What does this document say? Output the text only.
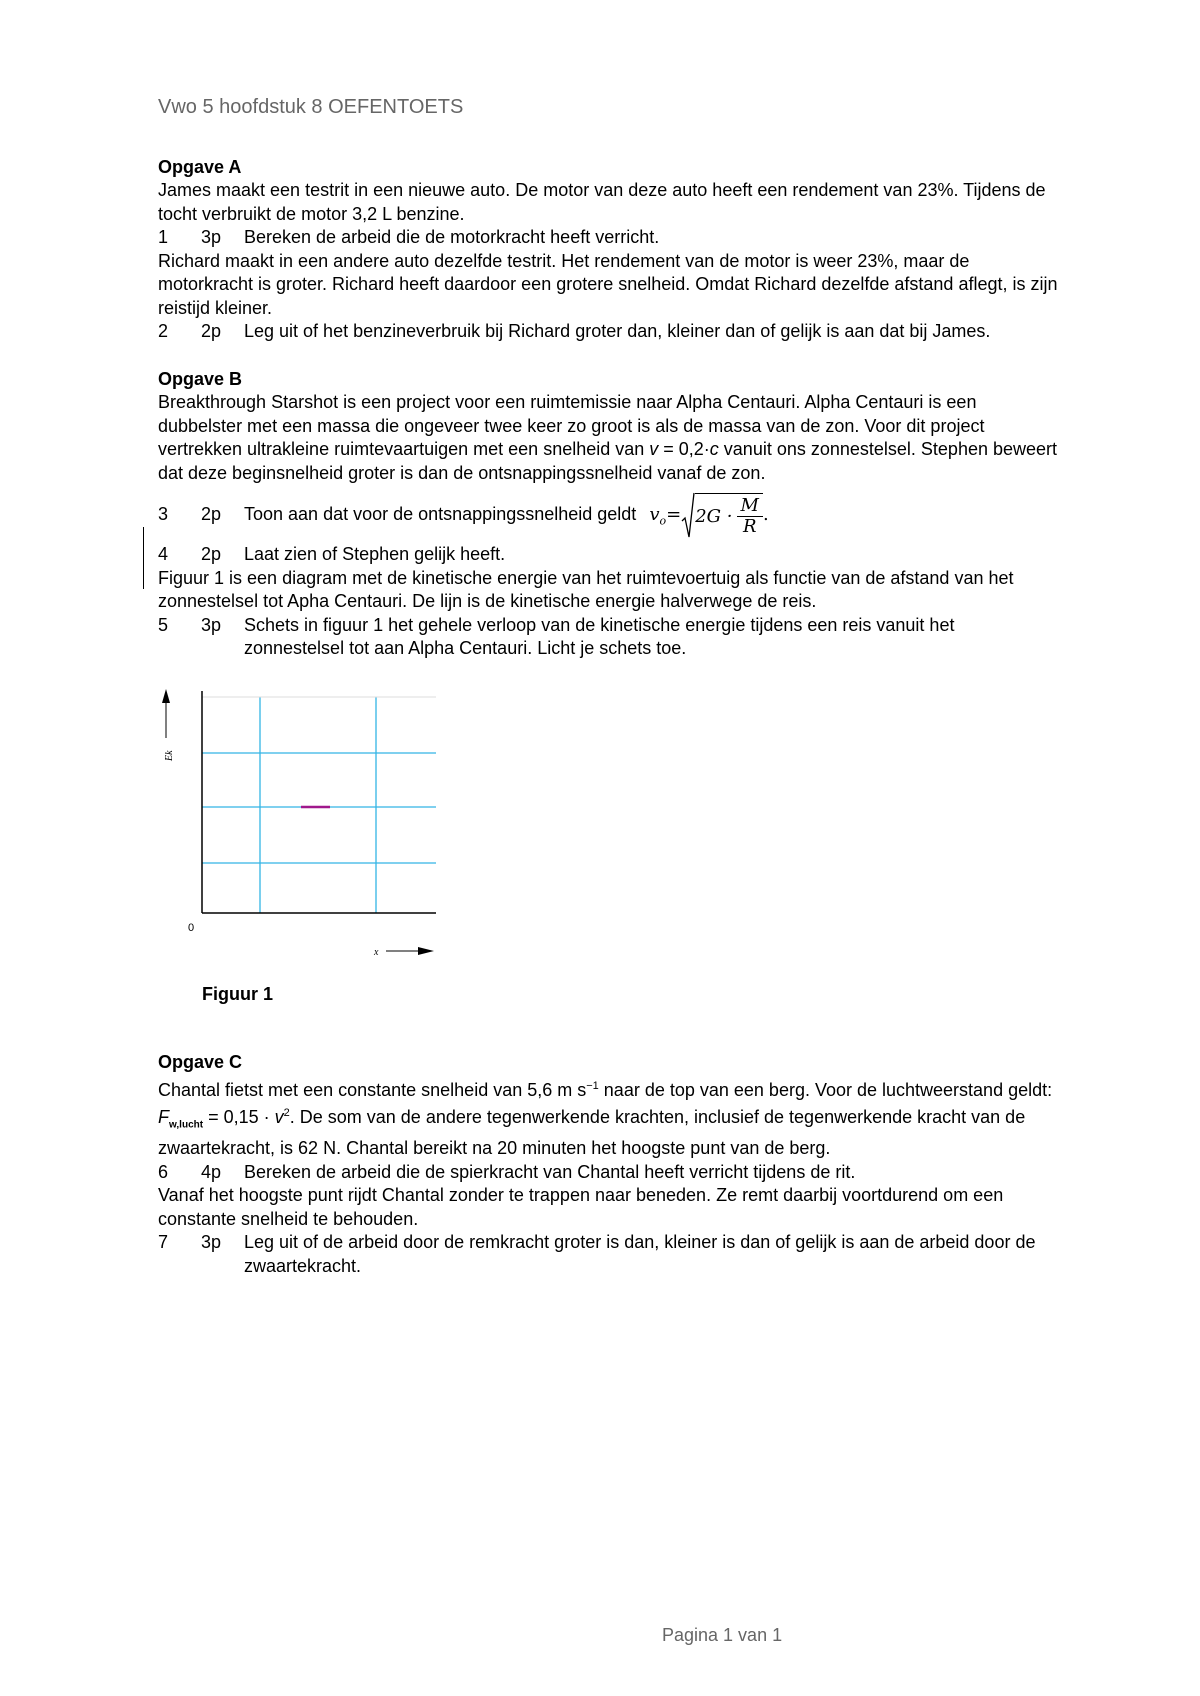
Vwo 5 hoofdstuk 8 OEFENTOETS

Opgave A

James maakt een testrit in een nieuwe auto. De motor van deze auto heeft een rendement van 23%. Tijdens de tocht verbruikt de motor 3,2 L benzine.

1	3p	Bereken de arbeid die de motorkracht heeft verricht.

Richard maakt in een andere auto dezelfde testrit. Het rendement van de motor is weer 23%, maar de motorkracht is groter. Richard heeft daardoor een grotere snelheid. Omdat Richard dezelfde afstand aflegt, is zijn reistijd kleiner.

2	2p	Leg uit of het benzineverbruik bij Richard groter dan, kleiner dan of gelijk is aan dat bij James.

Opgave B

Breakthrough Starshot is een project voor een ruimtemissie naar Alpha Centauri. Alpha Centauri is een dubbelster met een massa die ongeveer twee keer zo groot is als de massa van de zon. Voor dit project vertrekken ultrakleine ruimtevaartuigen met een snelheid van v = 0,2·c vanuit ons zonnestelsel. Stephen beweert dat deze beginsnelheid groter is dan de ontsnappingssnelheid vanaf de zon.

3	2p	Toon aan dat voor de ontsnappingssnelheid geldt $v_o= 2G \cdot \frac{M}{R}$ .
4	2p	Laat zien of Stephen gelijk heeft.

Figuur 1 is een diagram met de kinetische energie van het ruimtevoertuig als functie van de afstand van het zonnestelsel tot Apha Centauri. De lijn is de kinetische energie halverwege de reis.

5	3p	Schets in figuur 1 het gehele verloop van de kinetische energie tijdens een reis vanuit het zonnestelsel tot aan Alpha Centauri. Licht je schets toe.
Ek
x
0

Figuur 1

Opgave C

Chantal fietst met een constante snelheid van 5,6 m $s^{-1}$ naar de top van een berg. Voor de luchtweerstand geldt: $F_{w,lucht} = 0,15 \cdot v^2$. De som van de andere tegenwerkende krachten, inclusief de tegenwerkende kracht van de zwaartekracht, is 62 N. Chantal bereikt na 20 minuten het hoogste punt van de berg.

6	4p	Bereken de arbeid die de spierkracht van Chantal heeft verricht tijdens de rit.

Vanaf het hoogste punt rijdt Chantal zonder te trappen naar beneden. Ze remt daarbij voortdurend om een constante snelheid te behouden.

7	3p	Leg uit of de arbeid door de remkracht groter is dan, kleiner is dan of gelijk is aan de arbeid door de zwaartekracht.
Pagina 1 van 1
